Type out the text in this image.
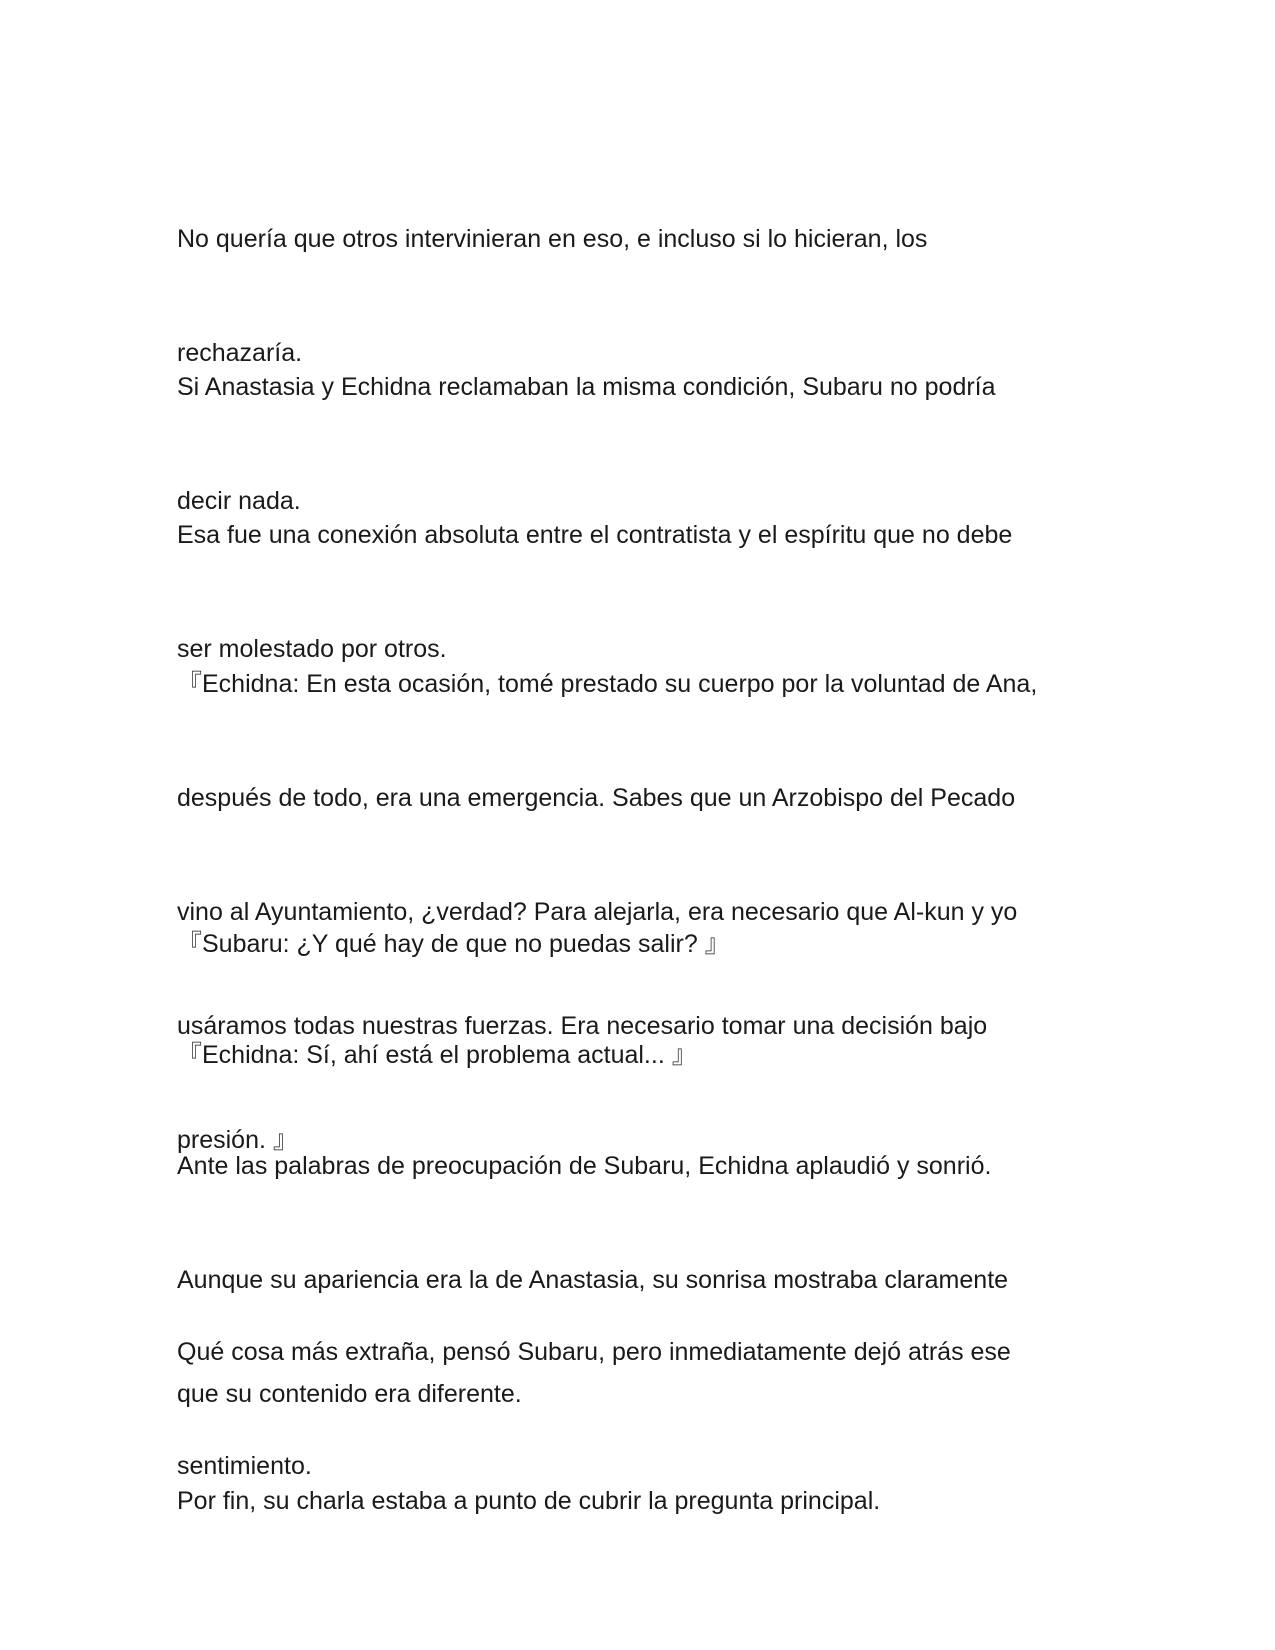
No quería que otros intervinieran en eso, e incluso si lo hicieran, los

rechazaría.

Si Anastasia y Echidna reclamaban la misma condición, Subaru no podría

decir nada.

Esa fue una conexión absoluta entre el contratista y el espíritu que no debe

ser molestado por otros.

『Echidna: En esta ocasión, tomé prestado su cuerpo por la voluntad de Ana,

después de todo, era una emergencia. Sabes que un Arzobispo del Pecado

vino al Ayuntamiento, ¿verdad? Para alejarla, era necesario que Al-kun y yo

usáramos todas nuestras fuerzas. Era necesario tomar una decisión bajo

presión. 』

『Subaru: ¿Y qué hay de que no puedas salir? 』

『Echidna: Sí, ahí está el problema actual... 』

Ante las palabras de preocupación de Subaru, Echidna aplaudió y sonrió.

Aunque su apariencia era la de Anastasia, su sonrisa mostraba claramente

que su contenido era diferente.

Qué cosa más extraña, pensó Subaru, pero inmediatamente dejó atrás ese

sentimiento.

Por fin, su charla estaba a punto de cubrir la pregunta principal.
